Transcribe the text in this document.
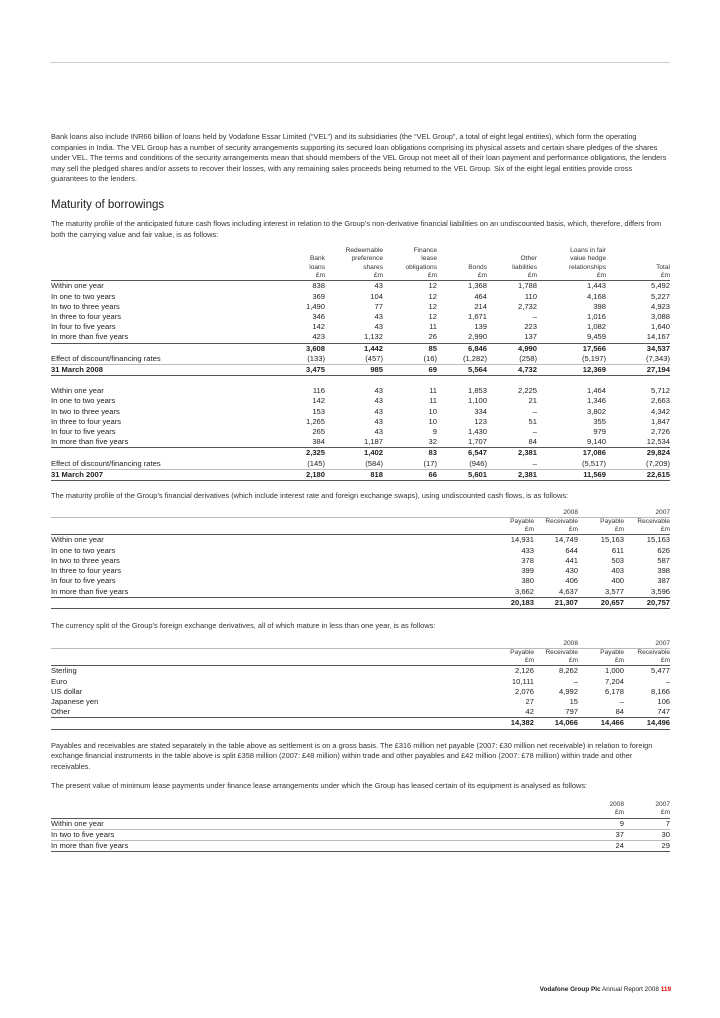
Bank loans also include INR66 billion of loans held by Vodafone Essar Limited (“VEL”) and its subsidiaries (the “VEL Group”, a total of eight legal entities), which form the operating companies in India. The VEL Group has a number of security arrangements supporting its secured loan obligations comprising its physical assets and certain share pledges of the shares under VEL. The terms and conditions of the security arrangements mean that should members of the VEL Group not meet all of their loan payment and performance obligations, the lenders may sell the pledged shares and/or assets to recover their losses, with any remaining sales proceeds being returned to the VEL Group. Six of the eight legal entities provide cross guarantees to the lenders.

Maturity of borrowings

The maturity profile of the anticipated future cash flows including interest in relation to the Group’s non-derivative financial liabilities on an undiscounted basis, which, therefore, differs from both the carrying value and fair value, is as follows:

	Bank
loans	Redeemable
preference
shares	Finance
lease
obligations	Bonds	Other
liabilities	Loans in fair
value hedge
relationships	Total
	£m	£m	£m	£m	£m	£m	£m
Within one year	838	43	12	1,368	1,788	1,443	5,492
In one to two years	369	104	12	464	110	4,168	5,227
In two to three years	1,490	77	12	214	2,732	398	4,923
In three to four years	346	43	12	1,671	–	1,016	3,088
In four to five years	142	43	11	139	223	1,082	1,640
In more than five years	423	1,132	26	2,990	137	9,459	14,167
	3,608	1,442	85	6,846	4,990	17,566	34,537
Effect of discount/financing rates	(133)	(457)	(16)	(1,282)	(258)	(5,197)	(7,343)
31 March 2008	3,475	985	69	5,564	4,732	12,369	27,194

Within one year	116	43	11	1,853	2,225	1,464	5,712
In one to two years	142	43	11	1,100	21	1,346	2,663
In two to three years	153	43	10	334	–	3,802	4,342
In three to four years	1,265	43	10	123	51	355	1,847
In four to five years	265	43	9	1,430	–	979	2,726
In more than five years	384	1,187	32	1,707	84	9,140	12,534
	2,325	1,402	83	6,547	2,381	17,086	29,824
Effect of discount/financing rates	(145)	(584)	(17)	(946)	–	(5,517)	(7,209)
31 March 2007	2,180	818	66	5,601	2,381	11,569	22,615

The maturity profile of the Group’s financial derivatives (which include interest rate and foreign exchange swaps), using undiscounted cash flows, is as follows:

	2008		2007	
	Payable	Receivable	Payable	Receivable
	£m	£m	£m	£m
Within one year	14,931	14,749	15,163	15,163
In one to two years	433	644	611	626
In two to three years	378	441	503	587
In three to four years	399	430	403	398
In four to five years	380	406	400	387
In more than five years	3,662	4,637	3,577	3,596
	20,183	21,307	20,657	20,757

The currency split of the Group’s foreign exchange derivatives, all of which mature in less than one year, is as follows:

	2008		2007	
	Payable	Receivable	Payable	Receivable
	£m	£m	£m	£m
Sterling	2,126	8,262	1,000	5,477
Euro	10,111	–	7,204	–
US dollar	2,076	4,992	6,178	8,166
Japanese yen	27	15	–	106
Other	42	797	84	747
	14,382	14,066	14,466	14,496

Payables and receivables are stated separately in the table above as settlement is on a gross basis. The £316 million net payable (2007: £30 million net receivable) in relation to foreign exchange financial instruments in the table above is split £358 million (2007: £48 million) within trade and other payables and £42 million (2007: £78 million) within trade and other receivables.

The present value of minimum lease payments under finance lease arrangements under which the Group has leased certain of its equipment is analysed as follows:

	2008	2007
	£m	£m
Within one year	9	7
In two to five years	37	30
In more than five years	24	29
Vodafone Group Plc Annual Report 2008 119
